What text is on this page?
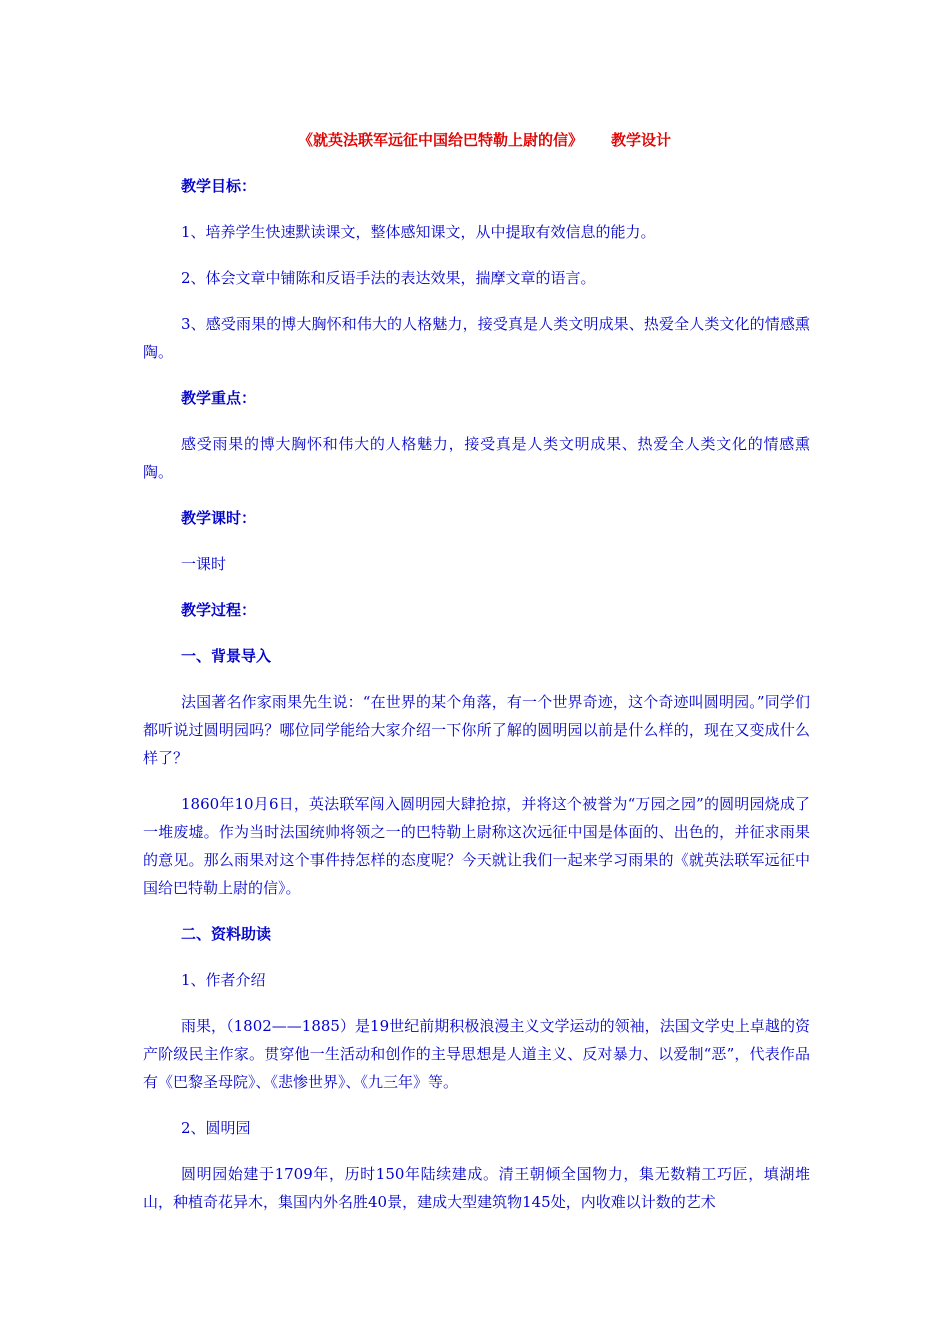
《就英法联军远征中国给巴特勒上尉的信》 教学设计
教学目标：
1、培养学生快速默读课文，整体感知课文，从中提取有效信息的能力。
2、体会文章中铺陈和反语手法的表达效果，揣摩文章的语言。
3、感受雨果的博大胸怀和伟大的人格魅力，接受真是人类文明成果、热爱全人类文化的情感熏陶。
教学重点：
感受雨果的博大胸怀和伟大的人格魅力，接受真是人类文明成果、热爱全人类文化的情感熏陶。
教学课时：
一课时
教学过程：
一、背景导入
法国著名作家雨果先生说：“在世界的某个角落，有一个世界奇迹，这个奇迹叫圆明园。”同学们都听说过圆明园吗？哪位同学能给大家介绍一下你所了解的圆明园以前是什么样的，现在又变成什么样了？
1860年10月6日，英法联军闯入圆明园大肆抢掠，并将这个被誉为“万园之园”的圆明园烧成了一堆废墟。作为当时法国统帅将领之一的巴特勒上尉称这次远征中国是体面的、出色的，并征求雨果的意见。那么雨果对这个事件持怎样的态度呢？今天就让我们一起来学习雨果的《就英法联军远征中国给巴特勒上尉的信》。
二、资料助读
1、作者介绍
雨果，（1802——1885）是19世纪前期积极浪漫主义文学运动的领袖，法国文学史上卓越的资产阶级民主作家。贯穿他一生活动和创作的主导思想是人道主义、反对暴力、以爱制“恶”，代表作品有《巴黎圣母院》、《悲惨世界》、《九三年》等。
2、圆明园
圆明园始建于1709年，历时150年陆续建成。清王朝倾全国物力，集无数精工巧匠，填湖堆山，种植奇花异木，集国内外名胜40景，建成大型建筑物145处，内收难以计数的艺术
